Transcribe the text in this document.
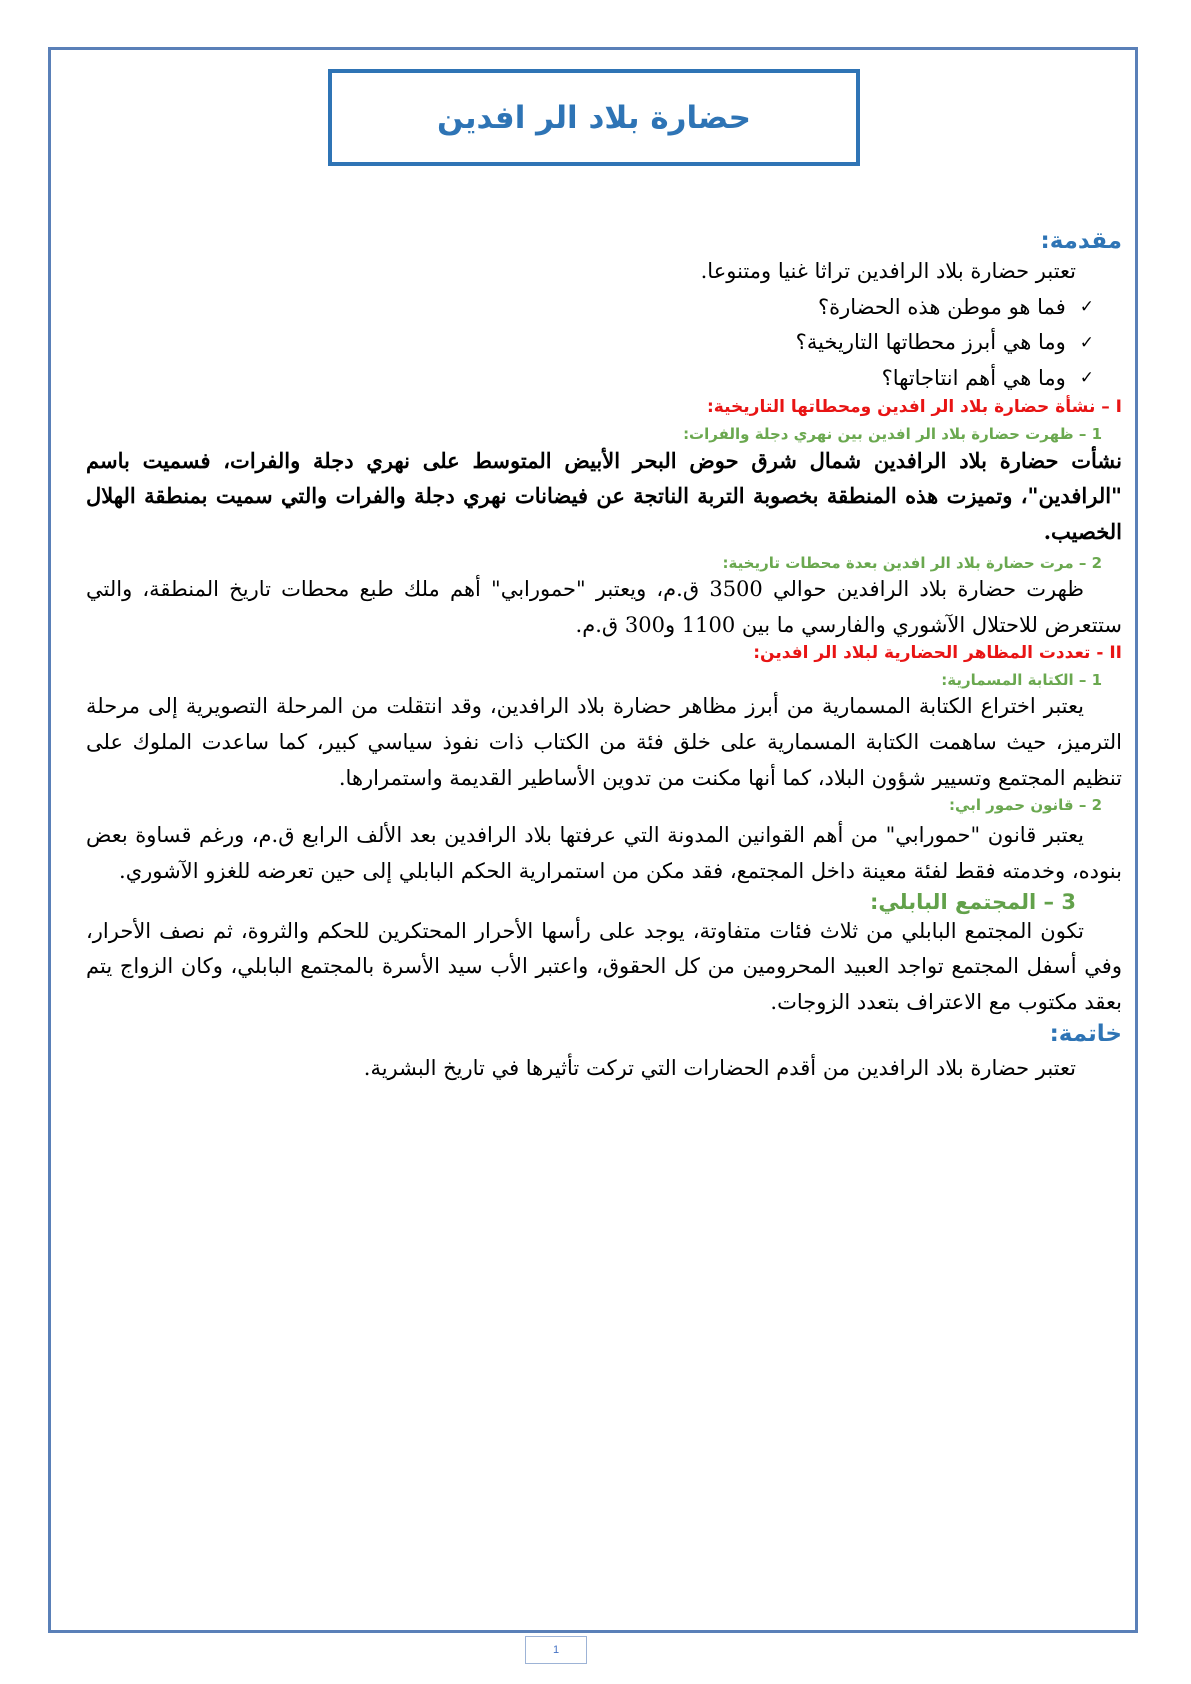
حضارة بلاد الر افدين
مقدمة:

تعتبر حضارة بلاد الرافدين تراثا غنيا ومتنوعا.

✓
فما هو موطن هذه الحضارة؟
✓
وما هي أبرز محطاتها التاريخية؟
✓
وما هي أهم انتاجاتها؟
I – نشأة حضارة بلاد الر افدين ومحطاتها التاريخية:
1 – ظهرت حضارة بلاد الر افدين بين نهري دجلة والفرات:

نشأت حضارة بلاد الرافدين شمال شرق حوض البحر الأبيض المتوسط على نهري دجلة والفرات، فسميت باسم "الرافدين"، وتميزت هذه المنطقة بخصوبة التربة الناتجة عن فيضانات نهري دجلة والفرات والتي سميت بمنطقة الهلال الخصيب.

2 – مرت حضارة بلاد الر افدين بعدة محطات تاريخية:

ظهرت حضارة بلاد الرافدين حوالي 3500 ق.م، ويعتبر "حمورابي" أهم ملك طبع محطات تاريخ المنطقة، والتي ستتعرض للاحتلال الآشوري والفارسي ما بين 1100 و300 ق.م.

II - تعددت المظاهر الحضارية لبلاد الر افدين:
1 – الكتابة المسمارية:

يعتبر اختراع الكتابة المسمارية من أبرز مظاهر حضارة بلاد الرافدين، وقد انتقلت من المرحلة التصويرية إلى مرحلة الترميز، حيث ساهمت الكتابة المسمارية على خلق فئة من الكتاب ذات نفوذ سياسي كبير، كما ساعدت الملوك على تنظيم المجتمع وتسيير شؤون البلاد، كما أنها مكنت من تدوين الأساطير القديمة واستمرارها.

2 – قانون حمور ابي:

يعتبر قانون "حمورابي" من أهم القوانين المدونة التي عرفتها بلاد الرافدين بعد الألف الرابع ق.م، ورغم قساوة بعض بنوده، وخدمته فقط لفئة معينة داخل المجتمع، فقد مكن من استمرارية الحكم البابلي إلى حين تعرضه للغزو الآشوري.

3 – المجتمع البابلي:

تكون المجتمع البابلي من ثلاث فئات متفاوتة، يوجد على رأسها الأحرار المحتكرين للحكم والثروة، ثم نصف الأحرار، وفي أسفل المجتمع تواجد العبيد المحرومين من كل الحقوق، واعتبر الأب سيد الأسرة بالمجتمع البابلي، وكان الزواج يتم بعقد مكتوب مع الاعتراف بتعدد الزوجات.

خاتمة:

تعتبر حضارة بلاد الرافدين من أقدم الحضارات التي تركت تأثيرها في تاريخ البشرية.

1
